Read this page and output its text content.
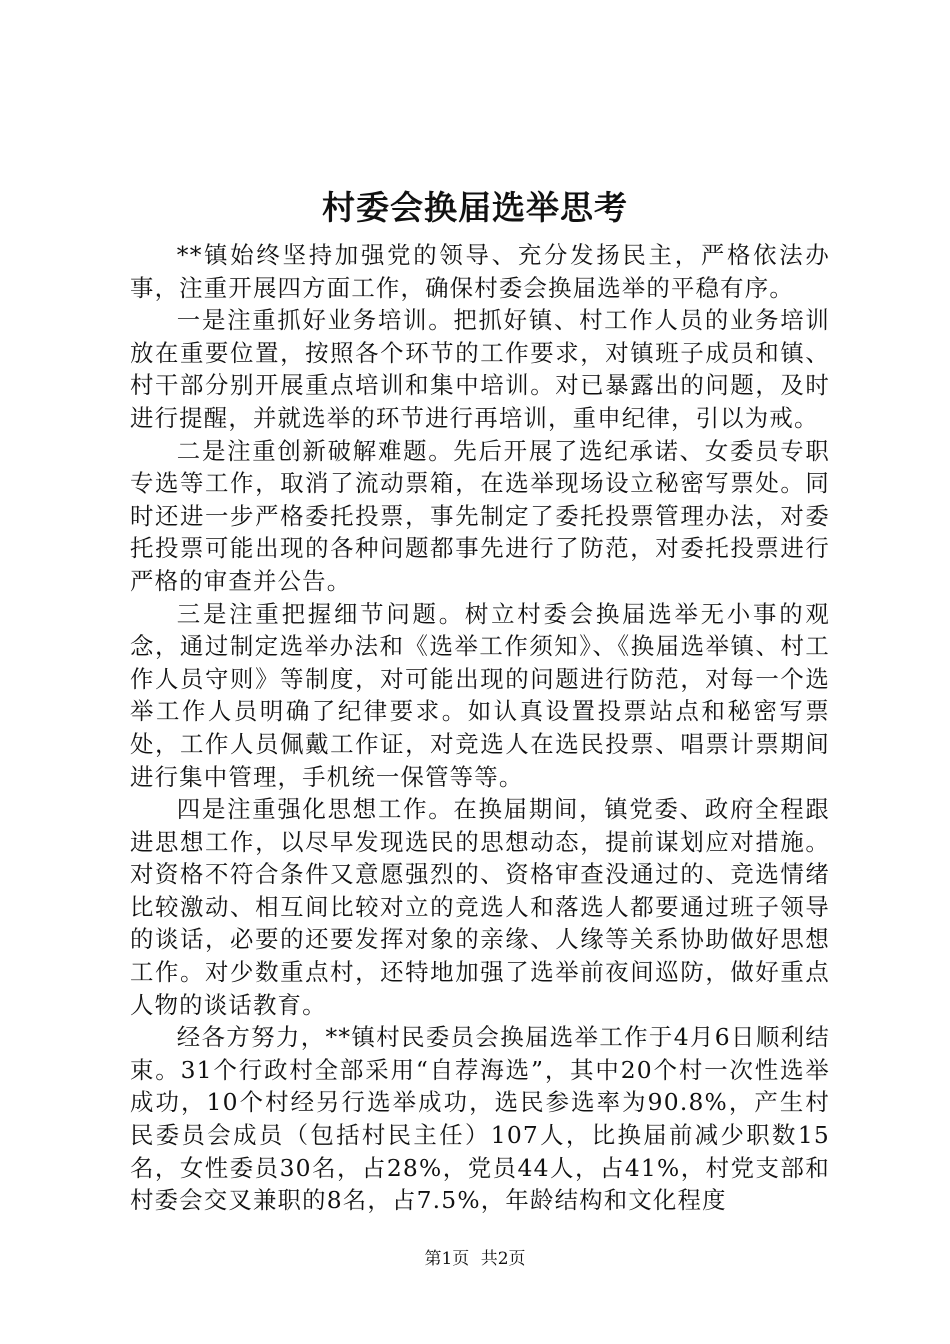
村委会换届选举思考

**镇始终坚持加强党的领导、充分发扬民主，严格依法办事，注重开展四方面工作，确保村委会换届选举的平稳有序。

一是注重抓好业务培训。把抓好镇、村工作人员的业务培训放在重要位置，按照各个环节的工作要求，对镇班子成员和镇、村干部分别开展重点培训和集中培训。对已暴露出的问题，及时进行提醒，并就选举的环节进行再培训，重申纪律，引以为戒。

二是注重创新破解难题。先后开展了选纪承诺、女委员专职专选等工作，取消了流动票箱，在选举现场设立秘密写票处。同时还进一步严格委托投票，事先制定了委托投票管理办法，对委托投票可能出现的各种问题都事先进行了防范，对委托投票进行严格的审查并公告。

三是注重把握细节问题。树立村委会换届选举无小事的观念，通过制定选举办法和《选举工作须知》、《换届选举镇、村工作人员守则》等制度，对可能出现的问题进行防范，对每一个选举工作人员明确了纪律要求。如认真设置投票站点和秘密写票处，工作人员佩戴工作证，对竞选人在选民投票、唱票计票期间进行集中管理，手机统一保管等等。

四是注重强化思想工作。在换届期间，镇党委、政府全程跟进思想工作，以尽早发现选民的思想动态，提前谋划应对措施。对资格不符合条件又意愿强烈的、资格审查没通过的、竞选情绪比较激动、相互间比较对立的竞选人和落选人都要通过班子领导的谈话，必要的还要发挥对象的亲缘、人缘等关系协助做好思想工作。对少数重点村，还特地加强了选举前夜间巡防，做好重点人物的谈话教育。

经各方努力，**镇村民委员会换届选举工作于4月6日顺利结束。31个行政村全部采用“自荐海选”，其中20个村一次性选举成功，10个村经另行选举成功，选民参选率为90.8%，产生村民委员会成员（包括村民主任）107人，比换届前减少职数15名，女性委员30名，占28%，党员44人，占41%，村党支部和村委会交叉兼职的8名，占7.5%，年龄结构和文化程度

第1页 共2页
